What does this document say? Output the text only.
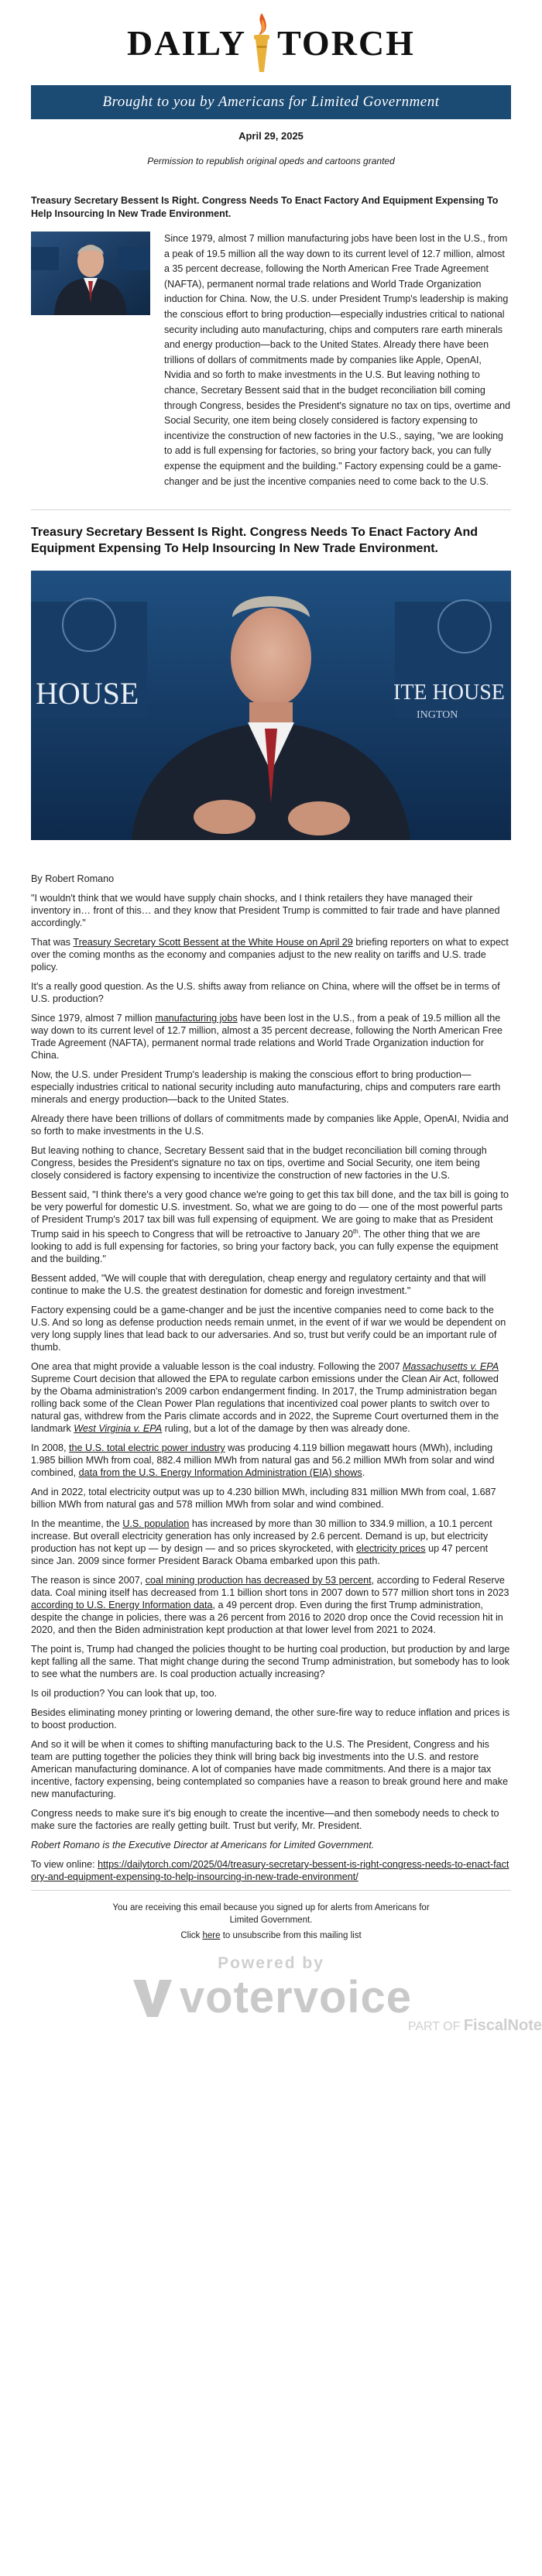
DAILY TORCH
Brought to you by Americans for Limited Government
April 29, 2025
Permission to republish original opeds and cartoons granted
Treasury Secretary Bessent Is Right. Congress Needs To Enact Factory And Equipment Expensing To Help Insourcing In New Trade Environment.
Since 1979, almost 7 million manufacturing jobs have been lost in the U.S., from a peak of 19.5 million all the way down to its current level of 12.7 million, almost a 35 percent decrease, following the North American Free Trade Agreement (NAFTA), permanent normal trade relations and World Trade Organization induction for China. Now, the U.S. under President Trump's leadership is making the conscious effort to bring production—especially industries critical to national security including auto manufacturing, chips and computers rare earth minerals and energy production—back to the United States. Already there have been trillions of dollars of commitments made by companies like Apple, OpenAI, Nvidia and so forth to make investments in the U.S. But leaving nothing to chance, Secretary Bessent said that in the budget reconciliation bill coming through Congress, besides the President's signature no tax on tips, overtime and Social Security, one item being closely considered is factory expensing to incentivize the construction of new factories in the U.S., saying, "we are looking to add is full expensing for factories, so bring your factory back, you can fully expense the equipment and the building." Factory expensing could be a game-changer and be just the incentive companies need to come back to the U.S.
Treasury Secretary Bessent Is Right. Congress Needs To Enact Factory And Equipment Expensing To Help Insourcing In New Trade Environment.
HOUSE	ITE HOUSE
INGTON

By Robert Romano

"I wouldn't think that we would have supply chain shocks, and I think retailers they have managed their inventory in… front of this… and they know that President Trump is committed to fair trade and have planned accordingly."

That was Treasury Secretary Scott Bessent at the White House on April 29 briefing reporters on what to expect over the coming months as the economy and companies adjust to the new reality on tariffs and U.S. trade policy.

It's a really good question. As the U.S. shifts away from reliance on China, where will the offset be in terms of U.S. production?

Since 1979, almost 7 million manufacturing jobs have been lost in the U.S., from a peak of 19.5 million all the way down to its current level of 12.7 million, almost a 35 percent decrease, following the North American Free Trade Agreement (NAFTA), permanent normal trade relations and World Trade Organization induction for China.

Now, the U.S. under President Trump's leadership is making the conscious effort to bring production—especially industries critical to national security including auto manufacturing, chips and computers rare earth minerals and energy production—back to the United States.

Already there have been trillions of dollars of commitments made by companies like Apple, OpenAI, Nvidia and so forth to make investments in the U.S.

But leaving nothing to chance, Secretary Bessent said that in the budget reconciliation bill coming through Congress, besides the President's signature no tax on tips, overtime and Social Security, one item being closely considered is factory expensing to incentivize the construction of new factories in the U.S.

Bessent said, "I think there's a very good chance we're going to get this tax bill done, and the tax bill is going to be very powerful for domestic U.S. investment. So, what we are going to do — one of the most powerful parts of President Trump's 2017 tax bill was full expensing of equipment. We are going to make that as President Trump said in his speech to Congress that will be retroactive to January 20th. The other thing that we are looking to add is full expensing for factories, so bring your factory back, you can fully expense the equipment and the building."

Bessent added, "We will couple that with deregulation, cheap energy and regulatory certainty and that will continue to make the U.S. the greatest destination for domestic and foreign investment."

Factory expensing could be a game-changer and be just the incentive companies need to come back to the U.S. And so long as defense production needs remain unmet, in the event of if war we would be dependent on very long supply lines that lead back to our adversaries. And so, trust but verify could be an important rule of thumb.

One area that might provide a valuable lesson is the coal industry. Following the 2007 Massachusetts v. EPA Supreme Court decision that allowed the EPA to regulate carbon emissions under the Clean Air Act, followed by the Obama administration's 2009 carbon endangerment finding. In 2017, the Trump administration began rolling back some of the Clean Power Plan regulations that incentivized coal power plants to switch over to natural gas, withdrew from the Paris climate accords and in 2022, the Supreme Court overturned them in the landmark West Virginia v. EPA ruling, but a lot of the damage by then was already done.

In 2008, the U.S. total electric power industry was producing 4.119 billion megawatt hours (MWh), including 1.985 billion MWh from coal, 882.4 million MWh from natural gas and 56.2 million MWh from solar and wind combined, data from the U.S. Energy Information Administration (EIA) shows.

And in 2022, total electricity output was up to 4.230 billion MWh, including 831 million MWh from coal, 1.687 billion MWh from natural gas and 578 million MWh from solar and wind combined.

In the meantime, the U.S. population has increased by more than 30 million to 334.9 million, a 10.1 percent increase. But overall electricity generation has only increased by 2.6 percent. Demand is up, but electricity production has not kept up — by design — and so prices skyrocketed, with electricity prices up 47 percent since Jan. 2009 since former President Barack Obama embarked upon this path.

The reason is since 2007, coal mining production has decreased by 53 percent, according to Federal Reserve data. Coal mining itself has decreased from 1.1 billion short tons in 2007 down to 577 million short tons in 2023 according to U.S. Energy Information data, a 49 percent drop. Even during the first Trump administration, despite the change in policies, there was a 26 percent from 2016 to 2020 drop once the Covid recession hit in 2020, and then the Biden administration kept production at that lower level from 2021 to 2024.

The point is, Trump had changed the policies thought to be hurting coal production, but production by and large kept falling all the same. That might change during the second Trump administration, but somebody has to look to see what the numbers are. Is coal production actually increasing?

Is oil production? You can look that up, too.

Besides eliminating money printing or lowering demand, the other sure-fire way to reduce inflation and prices is to boost production.

And so it will be when it comes to shifting manufacturing back to the U.S. The President, Congress and his team are putting together the policies they think will bring back big investments into the U.S. and restore American manufacturing dominance. A lot of companies have made commitments. And there is a major tax incentive, factory expensing, being contemplated so companies have a reason to break ground here and make new manufacturing.

Congress needs to make sure it's big enough to create the incentive—and then somebody needs to check to make sure the factories are really getting built. Trust but verify, Mr. President.

Robert Romano is the Executive Director at Americans for Limited Government.

To view online: https://dailytorch.com/2025/04/treasury-secretary-bessent-is-right-congress-needs-to-enact-factory-and-equipment-expensing-to-help-insourcing-in-new-trade-environment/

You are receiving this email because you signed up for alerts from Americans for Limited Government.
Click here to unsubscribe from this mailing list
Powered by
votervoice
PART OF FiscalNote
